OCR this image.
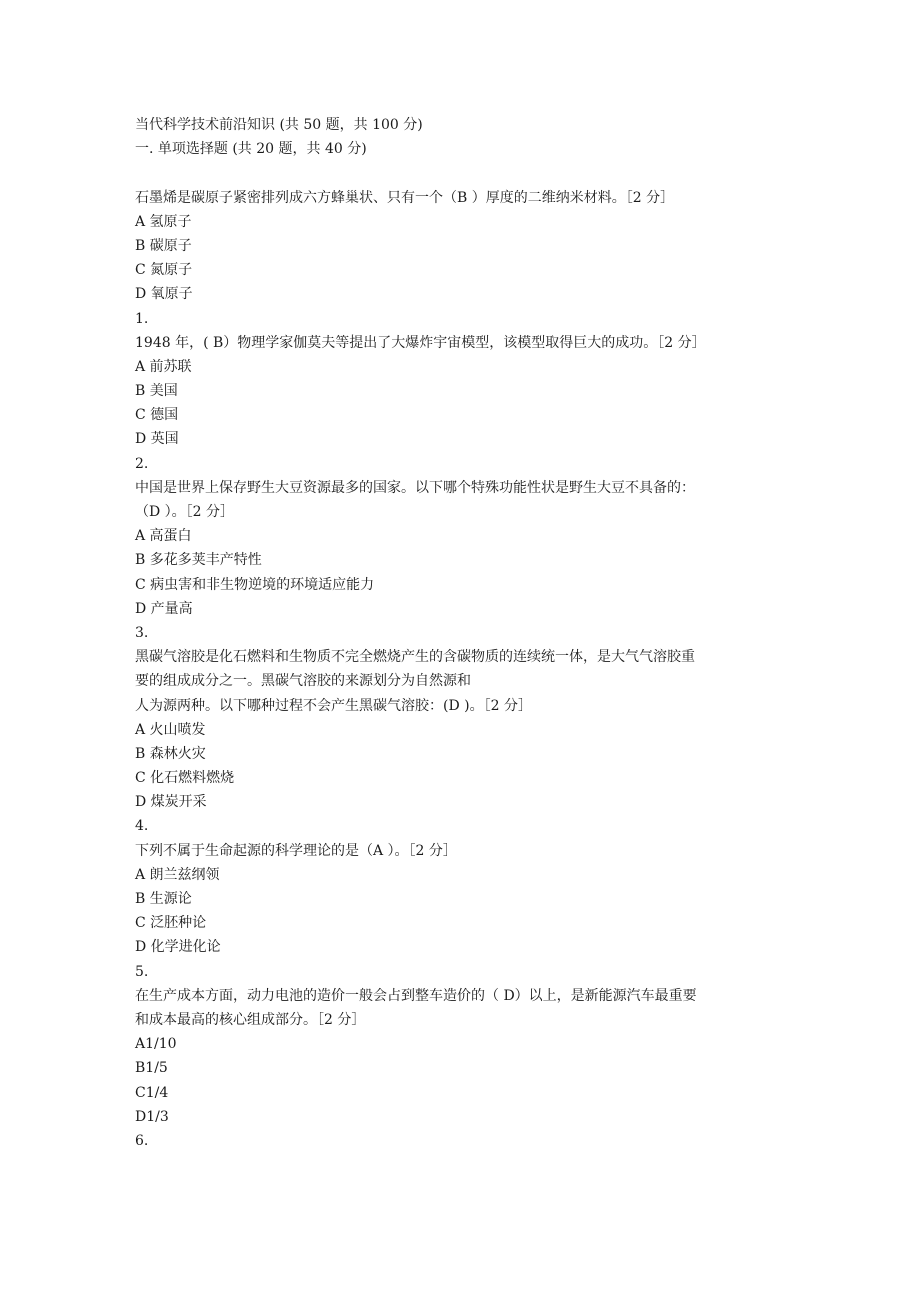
当代科学技术前沿知识 (共 50 题，共 100 分)
一. 单项选择题 (共 20 题，共 40 分)
石墨烯是碳原子紧密排列成六方蜂巢状、只有一个（B ）厚度的二维纳米材料。［2 分］
A 氢原子
B 碳原子
C 氮原子
D 氧原子
1.
1948 年，( B）物理学家伽莫夫等提出了大爆炸宇宙模型，该模型取得巨大的成功。［2 分］
A 前苏联
B 美国
C 德国
D 英国
2.
中国是世界上保存野生大豆资源最多的国家。以下哪个特殊功能性状是野生大豆不具备的：
（D ）。［2 分］
A 高蛋白
B 多花多荚丰产特性
C 病虫害和非生物逆境的环境适应能力
D 产量高
3.
黑碳气溶胶是化石燃料和生物质不完全燃烧产生的含碳物质的连续统一体，是大气气溶胶重
要的组成成分之一。黑碳气溶胶的来源划分为自然源和
人为源两种。以下哪种过程不会产生黑碳气溶胶：(D )。［2 分］
A 火山喷发
B 森林火灾
C 化石燃料燃烧
D 煤炭开采
4.
下列不属于生命起源的科学理论的是（A ）。［2 分］
A 朗兰兹纲领
B 生源论
C 泛胚种论
D 化学进化论
5.
在生产成本方面，动力电池的造价一般会占到整车造价的（ D）以上，是新能源汽车最重要
和成本最高的核心组成部分。［2 分］
A1/10
B1/5
C1/4
D1/3
6.
